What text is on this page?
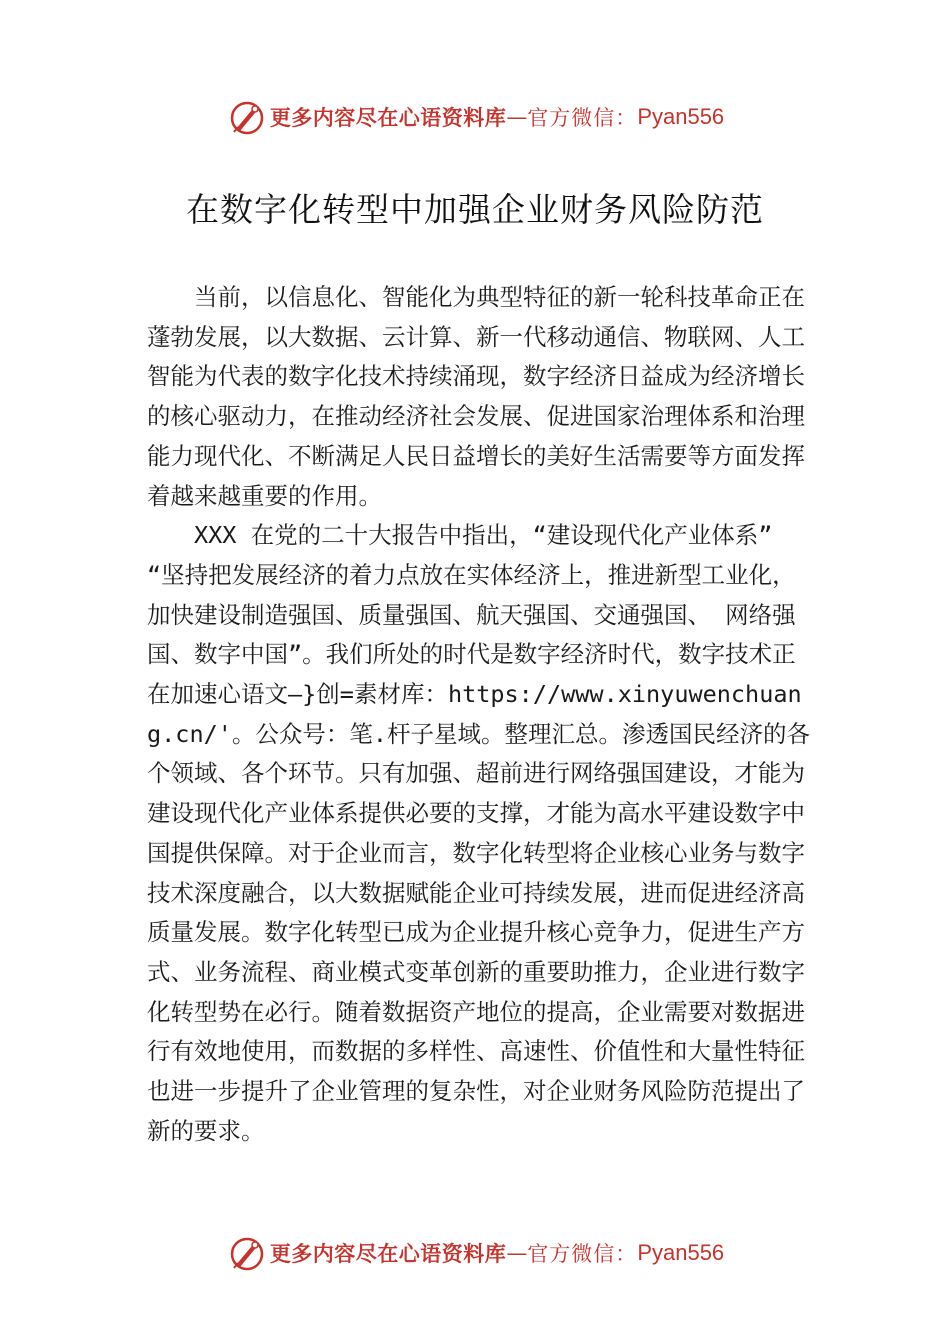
更多内容尽在心语资料库 — 官方微信： Pyan556
在数字化转型中加强企业财务风险防范

当前，以信息化、智能化为典型特征的新一轮科技革命正在蓬勃发展，以大数据、云计算、新一代移动通信、物联网、人工智能为代表的数字化技术持续涌现，数字经济日益成为经济增长的核心驱动力，在推动经济社会发展、促进国家治理体系和治理能力现代化、不断满足人民日益增长的美好生活需要等方面发挥着越来越重要的作用。

XXX 在党的二十大报告中指出，“建设现代化产业体系” “坚持把发展经济的着力点放在实体经济上，推进新型工业化，加快建设制造强国、质量强国、航天强国、交通强国、 网络强国、数字中国”。我们所处的时代是数字经济时代，数字技术正在加速心语文—}创=素材库：https://www.xinyuwenchuang.cn/'。公众号：笔.杆子星域。整理汇总。渗透国民经济的各个领域、各个环节。只有加强、超前进行网络强国建设，才能为建设现代化产业体系提供必要的支撑，才能为高水平建设数字中国提供保障。对于企业而言，数字化转型将企业核心业务与数字技术深度融合，以大数据赋能企业可持续发展，进而促进经济高质量发展。数字化转型已成为企业提升核心竞争力，促进生产方式、业务流程、商业模式变革创新的重要助推力，企业进行数字化转型势在必行。随着数据资产地位的提高，企业需要对数据进行有效地使用，而数据的多样性、高速性、价值性和大量性特征也进一步提升了企业管理的复杂性，对企业财务风险防范提出了新的要求。

更多内容尽在心语资料库 — 官方微信： Pyan556
